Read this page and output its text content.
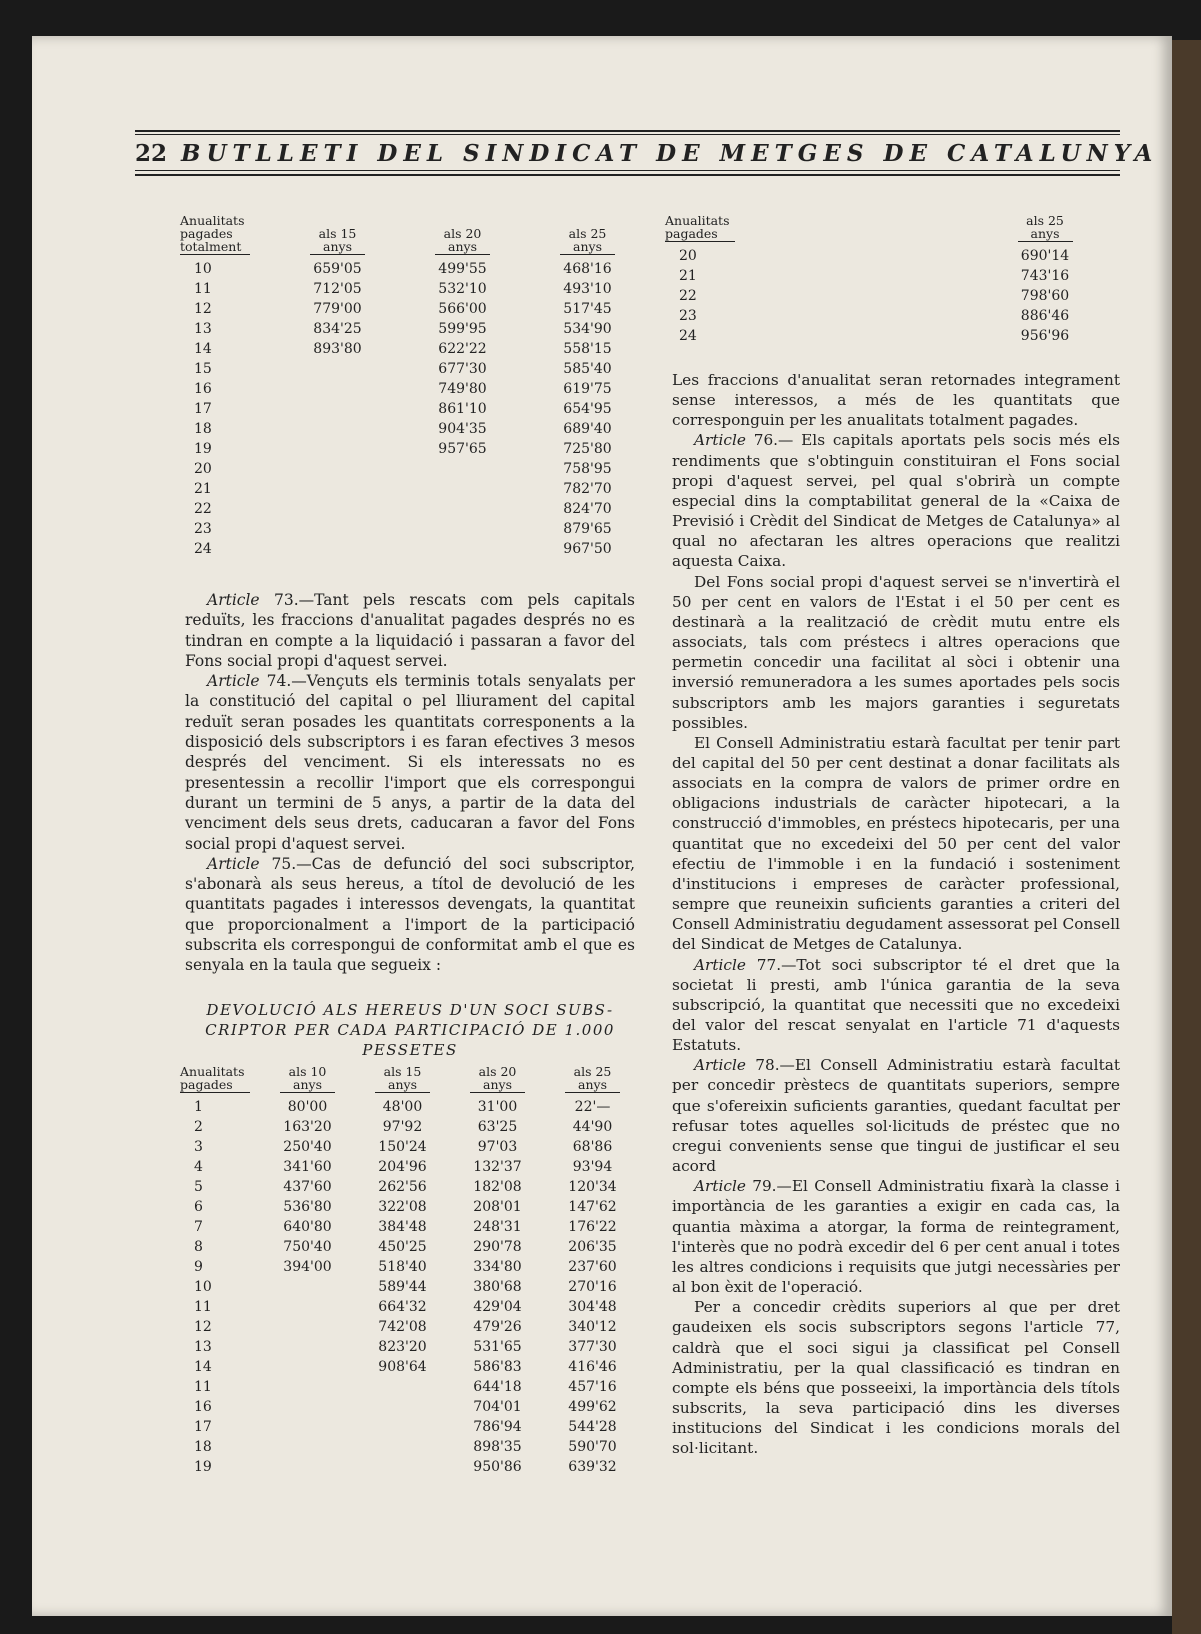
22 BUTLLETI DEL SINDICAT DE METGES DE CATALUNYA
Anualitats pagades totalment	als 15 anys	als 20 anys	als 25 anys
10	659'05	499'55	468'16
11	712'05	532'10	493'10
12	779'00	566'00	517'45
13	834'25	599'95	534'90
14	893'80	622'22	558'15
15		677'30	585'40
16		749'80	619'75
17		861'10	654'95
18		904'35	689'40
19		957'65	725'80
20			758'95
21			782'70
22			824'70
23			879'65
24			967'50
Anualitats pagades	als 25 anys
20	690'14
21	743'16
22	798'60
23	886'46
24	956'96

Article 73.—Tant pels rescats com pels capitals reduïts, les fraccions d'anualitat pagades després no es tindran en compte a la liquidació i passaran a favor del Fons social propi d'aquest servei.

Article 74.—Vençuts els terminis totals senyalats per la constitució del capital o pel lliurament del capital reduït seran posades les quantitats corresponents a la disposició dels subscriptors i es faran efectives 3 mesos després del venciment. Si els interessats no es presentessin a recollir l'import que els correspongui durant un termini de 5 anys, a partir de la data del venciment dels seus drets, caducaran a favor del Fons social propi d'aquest servei.

Article 75.—Cas de defunció del soci subscriptor, s'abonarà als seus hereus, a títol de devolució de les quantitats pagades i interessos devengats, la quantitat que proporcionalment a l'import de la participació subscrita els correspongui de conformitat amb el que es senyala en la taula que segueix :

DEVOLUCIÓ ALS HEREUS D'UN SOCI SUBS- CRIPTOR PER CADA PARTICIPACIÓ DE 1.000 PESSETES
Anualitats pagades	als 10 anys	als 15 anys	als 20 anys	als 25 anys
1	80'00	48'00	31'00	22'—
2	163'20	97'92	63'25	44'90
3	250'40	150'24	97'03	68'86
4	341'60	204'96	132'37	93'94
5	437'60	262'56	182'08	120'34
6	536'80	322'08	208'01	147'62
7	640'80	384'48	248'31	176'22
8	750'40	450'25	290'78	206'35
9	394'00	518'40	334'80	237'60
10		589'44	380'68	270'16
11		664'32	429'04	304'48
12		742'08	479'26	340'12
13		823'20	531'65	377'30
14		908'64	586'83	416'46
11			644'18	457'16
16			704'01	499'62
17			786'94	544'28
18			898'35	590'70
19			950'86	639'32

Les fraccions d'anualitat seran retornades integrament sense interessos, a més de les quantitats que corresponguin per les anualitats totalment pagades.

Article 76.— Els capitals aportats pels socis més els rendiments que s'obtinguin constituiran el Fons social propi d'aquest servei, pel qual s'obrirà un compte especial dins la comptabilitat general de la «Caixa de Previsió i Crèdit del Sindicat de Metges de Catalunya» al qual no afectaran les altres operacions que realitzi aquesta Caixa.

Del Fons social propi d'aquest servei se n'invertirà el 50 per cent en valors de l'Estat i el 50 per cent es destinarà a la realització de crèdit mutu entre els associats, tals com préstecs i altres operacions que permetin concedir una facilitat al sòci i obtenir una inversió remuneradora a les sumes aportades pels socis subscriptors amb les majors garanties i seguretats possibles.

El Consell Administratiu estarà facultat per tenir part del capital del 50 per cent destinat a donar facilitats als associats en la compra de valors de primer ordre en obligacions industrials de caràcter hipotecari, a la construcció d'immobles, en préstecs hipotecaris, per una quantitat que no excedeixi del 50 per cent del valor efectiu de l'immoble i en la fundació i sosteniment d'institucions i empreses de caràcter professional, sempre que reuneixin suficients garanties a criteri del Consell Administratiu degudament assessorat pel Consell del Sindicat de Metges de Catalunya.

Article 77.—Tot soci subscriptor té el dret que la societat li presti, amb l'única garantia de la seva subscripció, la quantitat que necessiti que no excedeixi del valor del rescat senyalat en l'article 71 d'aquests Estatuts.

Article 78.—El Consell Administratiu estarà facultat per concedir prèstecs de quantitats superiors, sempre que s'ofereixin suficients garanties, quedant facultat per refusar totes aquelles sol·licituds de préstec que no cregui convenients sense que tingui de justificar el seu acord

Article 79.—El Consell Administratiu fixarà la classe i importància de les garanties a exigir en cada cas, la quantia màxima a atorgar, la forma de reintegrament, l'interès que no podrà excedir del 6 per cent anual i totes les altres condicions i requisits que jutgi necessàries per al bon èxit de l'operació.

Per a concedir crèdits superiors al que per dret gaudeixen els socis subscriptors segons l'article 77, caldrà que el soci sigui ja classificat pel Consell Administratiu, per la qual classificació es tindran en compte els béns que posseeixi, la importància dels títols subscrits, la seva participació dins les diverses institucions del Sindicat i les condicions morals del sol·licitant.
